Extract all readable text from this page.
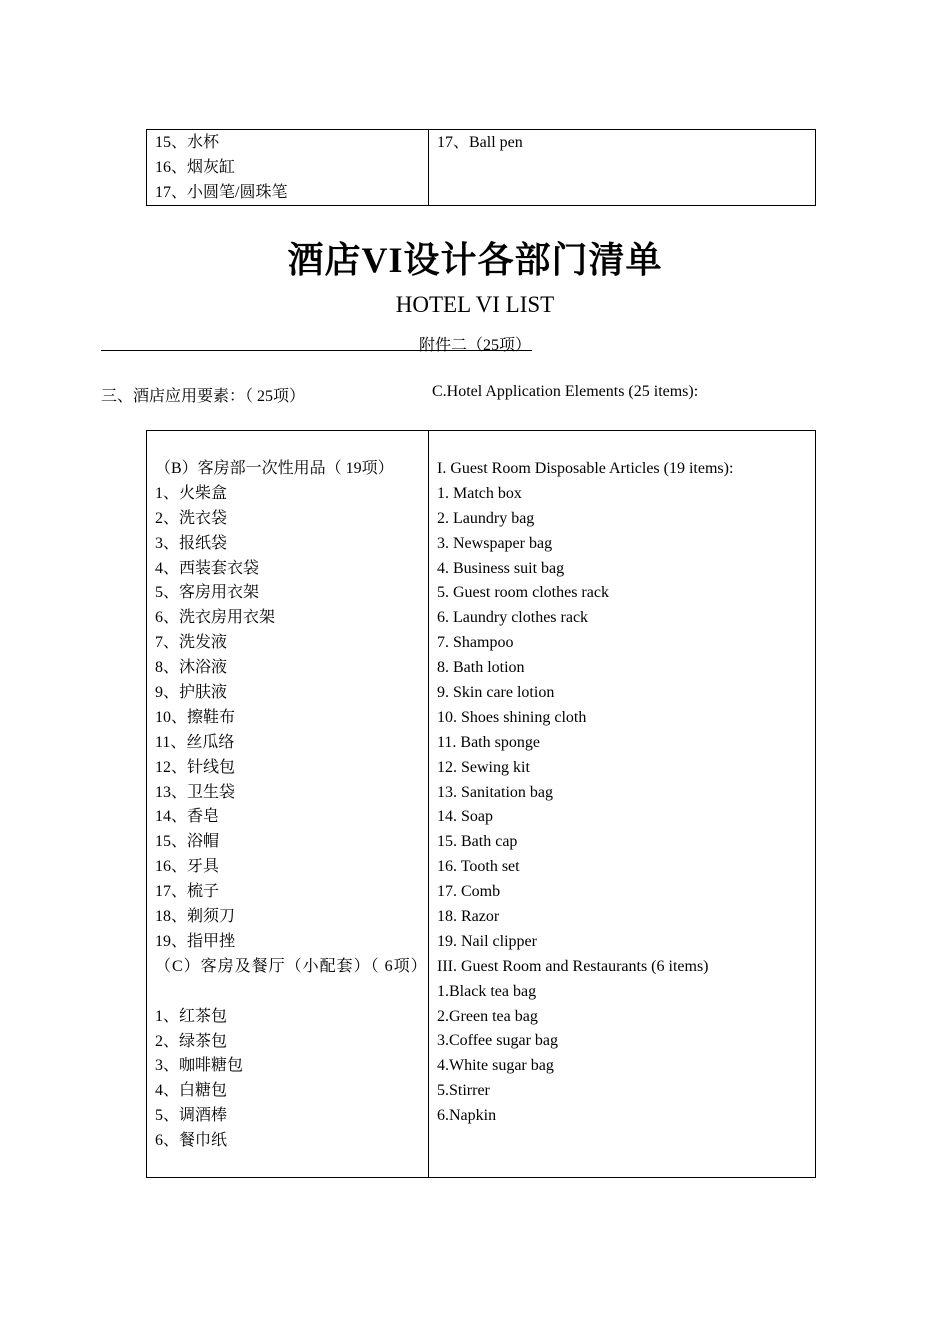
15、水杯
16、烟灰缸
17、小圆笔/圆珠笔
17、Ball pen
酒店VI设计各部门清单
HOTEL VI LIST
附件二（25项）
三、酒店应用要素：（ 25项）	C.Hotel Application Elements (25 items):
（B）客房部一次性用品（ 19项）
1、火柴盒
2、洗衣袋
3、报纸袋
4、西装套衣袋
5、客房用衣架
6、洗衣房用衣架
7、洗发液
8、沐浴液
9、护肤液
10、擦鞋布
11、丝瓜络
12、针线包
13、卫生袋
14、香皂
15、浴帽
16、牙具
17、梳子
18、剃须刀
19、指甲挫
（C）客房及餐厅（小配套）（ 6项）
1、红茶包
2、绿茶包
3、咖啡糖包
4、白糖包
5、调酒棒
6、餐巾纸
I. Guest Room Disposable Articles (19 items):
1. Match box
2. Laundry bag
3. Newspaper bag
4. Business suit bag
5. Guest room clothes rack
6. Laundry clothes rack
7. Shampoo
8. Bath lotion
9. Skin care lotion
10. Shoes shining cloth
11. Bath sponge
12. Sewing kit
13. Sanitation bag
14. Soap
15. Bath cap
16. Tooth set
17. Comb
18. Razor
19. Nail clipper
III. Guest Room and Restaurants (6 items)
1.Black tea bag
2.Green tea bag
3.Coffee sugar bag
4.White sugar bag
5.Stirrer
6.Napkin
